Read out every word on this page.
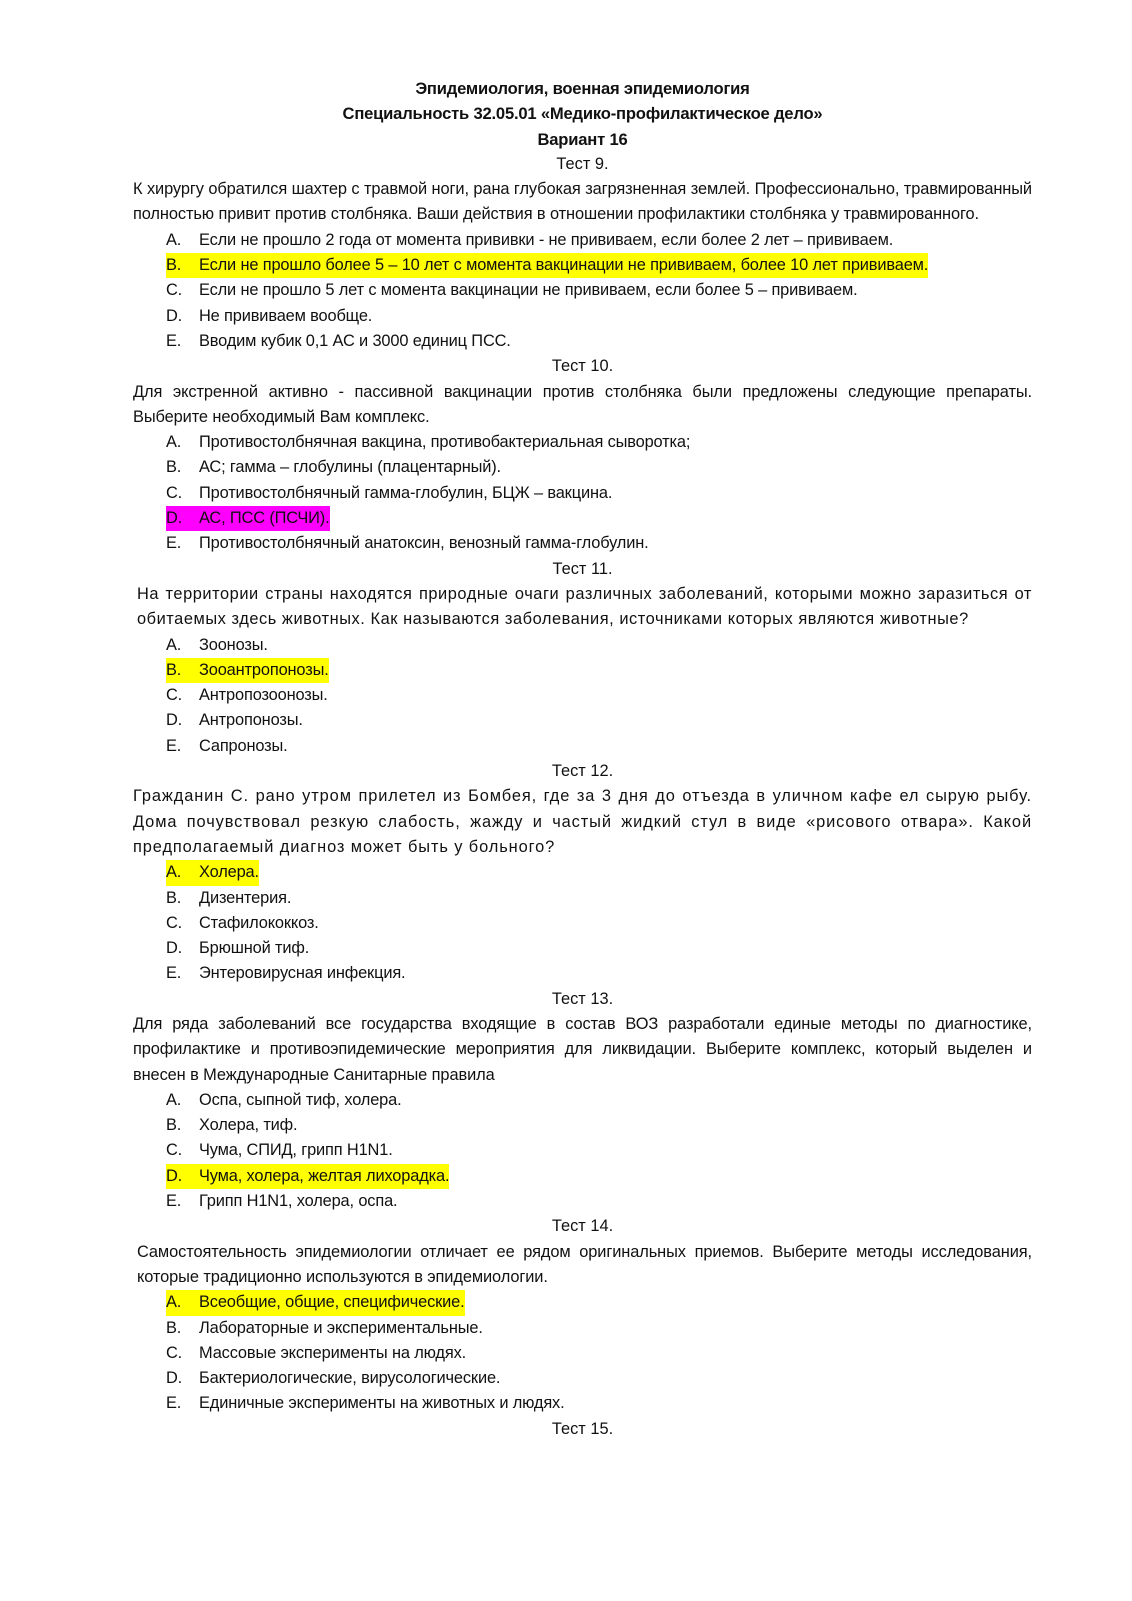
Эпидемиология, военная эпидемиология
Специальность 32.05.01 «Медико-профилактическое дело»
Вариант 16
Тест 9.

К хирургу обратился шахтер с травмой ноги, рана глубокая загрязненная землей. Профессионально, травмированный полностью привит против столбняка. Ваши действия в отношении профилактики столбняка у травмированного.

A. Если не прошло 2 года от момента прививки - не прививаем, если более 2 лет – прививаем.
B. Если не прошло более 5 – 10 лет с момента вакцинации не прививаем, более 10 лет прививаем.
C. Если не прошло 5 лет с момента вакцинации не прививаем, если более 5 – прививаем.
D. Не прививаем вообще.
E. Вводим кубик 0,1 АС и 3000 единиц ПСС.
Тест 10.

Для экстренной активно - пассивной вакцинации против столбняка были предложены следующие препараты. Выберите необходимый Вам комплекс.

A. Противостолбнячная вакцина, противобактериальная сыворотка;
B. АС; гамма – глобулины (плацентарный).
C. Противостолбнячный гамма-глобулин, БЦЖ – вакцина.
D. АС, ПСС (ПСЧИ).
E. Противостолбнячный анатоксин, венозный гамма-глобулин.
Тест 11.

На территории страны находятся природные очаги различных заболеваний, которыми можно заразиться от обитаемых здесь животных. Как называются заболевания, источниками которых являются животные?

A. Зоонозы.
B. Зооантропонозы.
C. Антропозоонозы.
D. Антропонозы.
E. Сапронозы.
Тест 12.

Гражданин С. рано утром прилетел из Бомбея, где за 3 дня до отъезда в уличном кафе ел сырую рыбу. Дома почувствовал резкую слабость, жажду и частый жидкий стул в виде «рисового отвара». Какой предполагаемый диагноз может быть у больного?

A. Холера.
B. Дизентерия.
C. Стафилококкоз.
D. Брюшной тиф.
E. Энтеровирусная инфекция.
Тест 13.

Для ряда заболеваний все государства входящие в состав ВОЗ разработали единые методы по диагностике, профилактике и противоэпидемические мероприятия для ликвидации. Выберите комплекс, который выделен и внесен в Международные Санитарные правила

A. Оспа, сыпной тиф, холера.
B. Холера, тиф.
C. Чума, СПИД, грипп H1N1.
D. Чума, холера, желтая лихорадка.
E. Грипп H1N1, холера, оспа.
Тест 14.

Самостоятельность эпидемиологии отличает ее рядом оригинальных приемов. Выберите методы исследования, которые традиционно используются в эпидемиологии.

A. Всеобщие, общие, специфические.
B. Лабораторные и экспериментальные.
C. Массовые эксперименты на людях.
D. Бактериологические, вирусологические.
E. Единичные эксперименты на животных и людях.
Тест 15.
